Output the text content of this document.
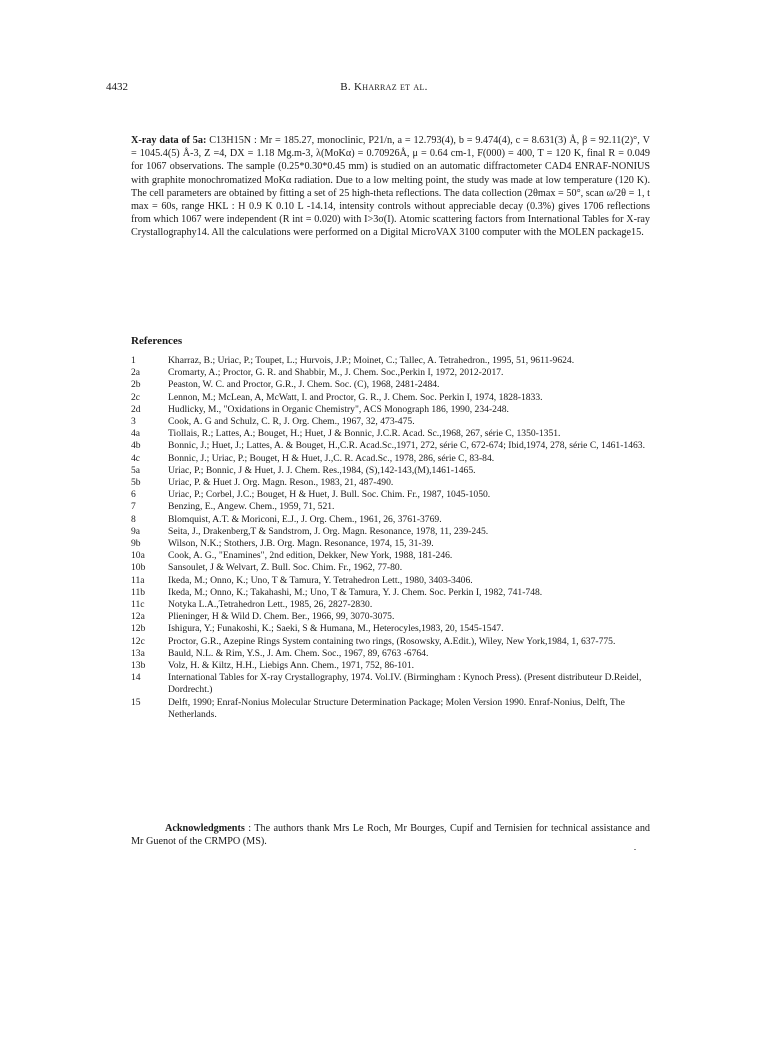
4432	B. Kharraz et al.

X-ray data of 5a: C13H15N : Mr = 185.27, monoclinic, P21/n, a = 12.793(4), b = 9.474(4), c = 8.631(3) Å, β = 92.11(2)°, V = 1045.4(5) Å-3, Z =4, DX = 1.18 Mg.m-3, λ(MoKα) = 0.70926Å, μ = 0.64 cm-1, F(000) = 400, T = 120 K, final R = 0.049 for 1067 observations. The sample (0.25*0.30*0.45 mm) is studied on an automatic diffractometer CAD4 ENRAF-NONIUS with graphite monochromatized MoKα radiation. Due to a low melting point, the study was made at low temperature (120 K). The cell parameters are obtained by fitting a set of 25 high-theta reflections. The data collection (2θmax = 50°, scan ω/2θ = 1, t max = 60s, range HKL : H 0.9 K 0.10 L -14.14, intensity controls without appreciable decay (0.3%) gives 1706 reflections from which 1067 were independent (R int = 0.020) with I>3σ(I). Atomic scattering factors from International Tables for X-ray Crystallography14. All the calculations were performed on a Digital MicroVAX 3100 computer with the MOLEN package15.

References
1	Kharraz, B.; Uriac, P.; Toupet, L.; Hurvois, J.P.; Moinet, C.; Tallec, A. Tetrahedron., 1995, 51, 9611-9624.
2a	Cromarty, A.; Proctor, G. R. and Shabbir, M., J. Chem. Soc.,Perkin I, 1972, 2012-2017.
2b	Peaston, W. C. and Proctor, G.R., J. Chem. Soc. (C), 1968, 2481-2484.
2c	Lennon, M.; McLean, A, McWatt, I. and Proctor, G. R., J. Chem. Soc. Perkin I, 1974, 1828-1833.
2d	Hudlicky, M., "Oxidations in Organic Chemistry", ACS Monograph 186, 1990, 234-248.
3	Cook, A. G and Schulz, C. R, J. Org. Chem., 1967, 32, 473-475.
4a	Tiollais, R.; Lattes, A.; Bouget, H.; Huet, J & Bonnic, J.C.R. Acad. Sc.,1968, 267, série C, 1350-1351.
4b	Bonnic, J.; Huet, J.; Lattes, A. & Bouget, H.,C.R. Acad.Sc.,1971, 272, série C, 672-674; Ibid,1974, 278, série C, 1461-1463.
4c	Bonnic, J.; Uriac, P.; Bouget, H & Huet, J.,C. R. Acad.Sc., 1978, 286, série C, 83-84.
5a	Uriac, P.; Bonnic, J & Huet, J. J. Chem. Res.,1984, (S),142-143,(M),1461-1465.
5b	Uriac, P. & Huet J. Org. Magn. Reson., 1983, 21, 487-490.
6	Uriac, P.; Corbel, J.C.; Bouget, H & Huet, J. Bull. Soc. Chim. Fr., 1987, 1045-1050.
7	Benzing, E., Angew. Chem., 1959, 71, 521.
8	Blomquist, A.T. & Moriconi, E.J., J. Org. Chem., 1961, 26, 3761-3769.
9a	Seita, J., Drakenberg,T & Sandstrom, J. Org. Magn. Resonance, 1978, 11, 239-245.
9b	Wilson, N.K.; Stothers, J.B. Org. Magn. Resonance, 1974, 15, 31-39.
10a	Cook, A. G., "Enamines", 2nd edition, Dekker, New York, 1988, 181-246.
10b	Sansoulet, J & Welvart, Z. Bull. Soc. Chim. Fr., 1962, 77-80.
11a	Ikeda, M.; Onno, K.; Uno, T & Tamura, Y. Tetrahedron Lett., 1980, 3403-3406.
11b	Ikeda, M.; Onno, K.; Takahashi, M.; Uno, T & Tamura, Y. J. Chem. Soc. Perkin I, 1982, 741-748.
11c	Notyka L.A.,Tetrahedron Lett., 1985, 26, 2827-2830.
12a	Plieninger, H & Wild D. Chem. Ber., 1966, 99, 3070-3075.
12b	Ishigura, Y.; Funakoshi, K.; Saeki, S & Humana, M., Heterocyles,1983, 20, 1545-1547.
12c	Proctor, G.R., Azepine Rings System containing two rings, (Rosowsky, A.Edit.), Wiley, New York,1984, 1, 637-775.
13a	Bauld, N.L. & Rim, Y.S., J. Am. Chem. Soc., 1967, 89, 6763 -6764.
13b	Volz, H. & Kiltz, H.H., Liebigs Ann. Chem., 1971, 752, 86-101.
14	International Tables for X-ray Crystallography, 1974. Vol.IV. (Birmingham : Kynoch Press). (Present distributeur D.Reidel, Dordrecht.)
15	Delft, 1990; Enraf-Nonius Molecular Structure Determination Package; Molen Version 1990. Enraf-Nonius, Delft, The Netherlands.
Acknowledgments : The authors thank Mrs Le Roch, Mr Bourges, Cupif and Ternisien for technical assistance and Mr Guenot of the CRMPO (MS).
